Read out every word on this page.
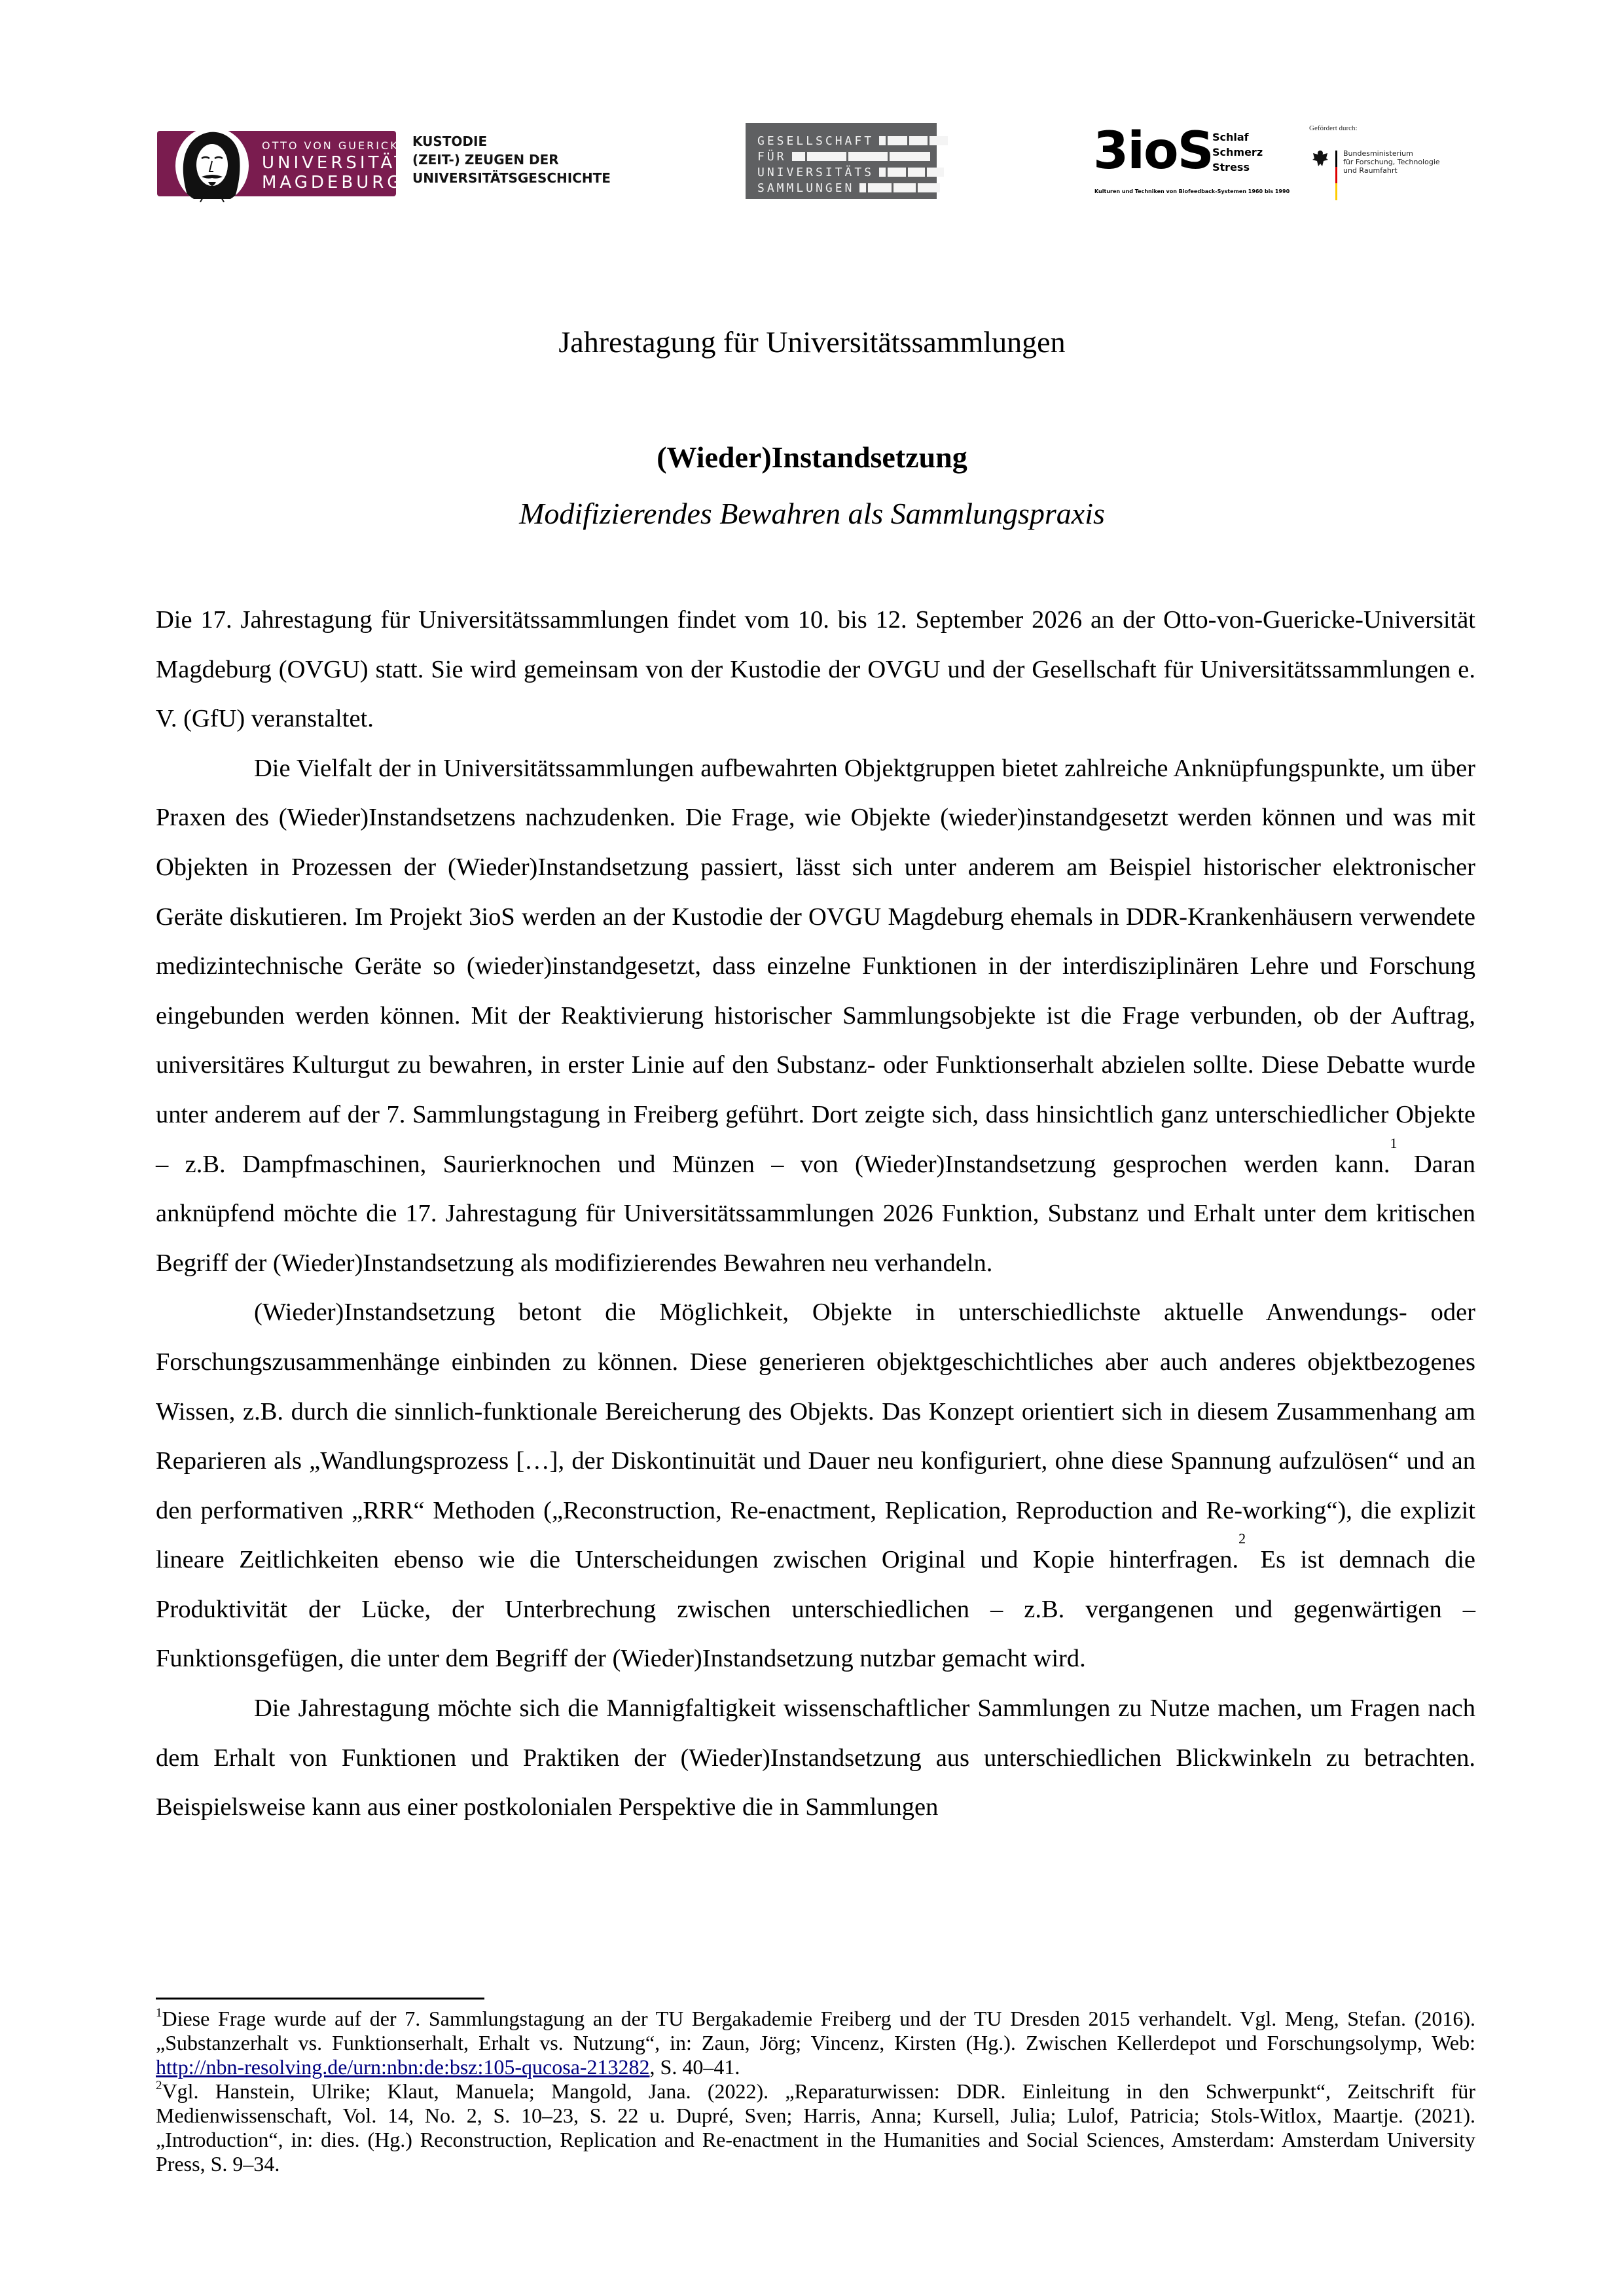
OTTO VON GUERICKE
UNIVERSITÄT
MAGDEBURG
KUSTODIE
(ZEIT-) ZEUGEN DER
UNIVERSITÄTSGESCHICHTE
GESELLSCHAFT
FÜR
UNIVERSITÄTS
SAMMLUNGEN
3ioS Schlaf
Schmerz
Stress
Kulturen und Techniken von Biofeedback-Systemen 1960 bis 1990
Gefördert durch:
Bundesministerium
für Forschung, Technologie
und Raumfahrt
Jahrestagung für Universitätssammlungen
(Wieder)Instandsetzung
Modifizierendes Bewahren als Sammlungspraxis

Die 17. Jahrestagung für Universitätssammlungen findet vom 10. bis 12. September 2026 an der Otto-von-Guericke-Universität Magdeburg (OVGU) statt. Sie wird gemeinsam von der Kustodie der OVGU und der Gesellschaft für Universitätssammlungen e. V. (GfU) veranstaltet.

Die Vielfalt der in Universitätssammlungen aufbewahrten Objektgruppen bietet zahlreiche Anknüpfungspunkte, um über Praxen des (Wieder)Instandsetzens nachzudenken. Die Frage, wie Objekte (wieder)instandgesetzt werden können und was mit Objekten in Prozessen der (Wieder)Instandsetzung passiert, lässt sich unter anderem am Beispiel historischer elektronischer Geräte diskutieren. Im Projekt 3ioS werden an der Kustodie der OVGU Magdeburg ehemals in DDR-Krankenhäusern verwendete medizintechnische Geräte so (wieder)instandgesetzt, dass einzelne Funktionen in der interdisziplinären Lehre und Forschung eingebunden werden können. Mit der Reaktivierung historischer Sammlungsobjekte ist die Frage verbunden, ob der Auftrag, universitäres Kulturgut zu bewahren, in erster Linie auf den Substanz- oder Funktionserhalt abzielen sollte. Diese Debatte wurde unter anderem auf der 7. Sammlungstagung in Freiberg geführt. Dort zeigte sich, dass hinsichtlich ganz unterschiedlicher Objekte – z.B. Dampfmaschinen, Saurierknochen und Münzen – von (Wieder)Instandsetzung gesprochen werden kann.$^1$ Daran anknüpfend möchte die 17. Jahrestagung für Universitätssammlungen 2026 Funktion, Substanz und Erhalt unter dem kritischen Begriff der (Wieder)Instandsetzung als modifizierendes Bewahren neu verhandeln.

(Wieder)Instandsetzung betont die Möglichkeit, Objekte in unterschiedlichste aktuelle Anwendungs- oder Forschungszusammenhänge einbinden zu können. Diese generieren objektgeschichtliches aber auch anderes objektbezogenes Wissen, z.B. durch die sinnlich-funktionale Bereicherung des Objekts. Das Konzept orientiert sich in diesem Zusammenhang am Reparieren als „Wandlungsprozess […], der Diskontinuität und Dauer neu konfiguriert, ohne diese Spannung aufzulösen“ und an den performativen „RRR“ Methoden („Reconstruction, Re-enactment, Replication, Reproduction and Re-working“), die explizit lineare Zeitlichkeiten ebenso wie die Unterscheidungen zwischen Original und Kopie hinterfragen.$^2$ Es ist demnach die Produktivität der Lücke, der Unterbrechung zwischen unterschiedlichen – z.B. vergangenen und gegenwärtigen – Funktionsgefügen, die unter dem Begriff der (Wieder)Instandsetzung nutzbar gemacht wird.

Die Jahrestagung möchte sich die Mannigfaltigkeit wissenschaftlicher Sammlungen zu Nutze machen, um Fragen nach dem Erhalt von Funktionen und Praktiken der (Wieder)Instandsetzung aus unterschiedlichen Blickwinkeln zu betrachten. Beispielsweise kann aus einer postkolonialen Perspektive die in Sammlungen

$^1$Diese Frage wurde auf der 7. Sammlungstagung an der TU Bergakademie Freiberg und der TU Dresden 2015 verhandelt. Vgl. Meng, Stefan. (2016). „Substanzerhalt vs. Funktionserhalt, Erhalt vs. Nutzung“, in: Zaun, Jörg; Vincenz, Kirsten (Hg.). Zwischen Kellerdepot und Forschungsolymp, Web: http://nbn-resolving.de/urn:nbn:de:bsz:105-qucosa-213282, S. 40–41.

$^2$Vgl. Hanstein, Ulrike; Klaut, Manuela; Mangold, Jana. (2022). „Reparaturwissen: DDR. Einleitung in den Schwerpunkt“, Zeitschrift für Medienwissenschaft, Vol. 14, No. 2, S. 10–23, S. 22 u. Dupré, Sven; Harris, Anna; Kursell, Julia; Lulof, Patricia; Stols-Witlox, Maartje. (2021). „Introduction“, in: dies. (Hg.) Reconstruction, Replication and Re-enactment in the Humanities and Social Sciences, Amsterdam: Amsterdam University Press, S. 9–34.
